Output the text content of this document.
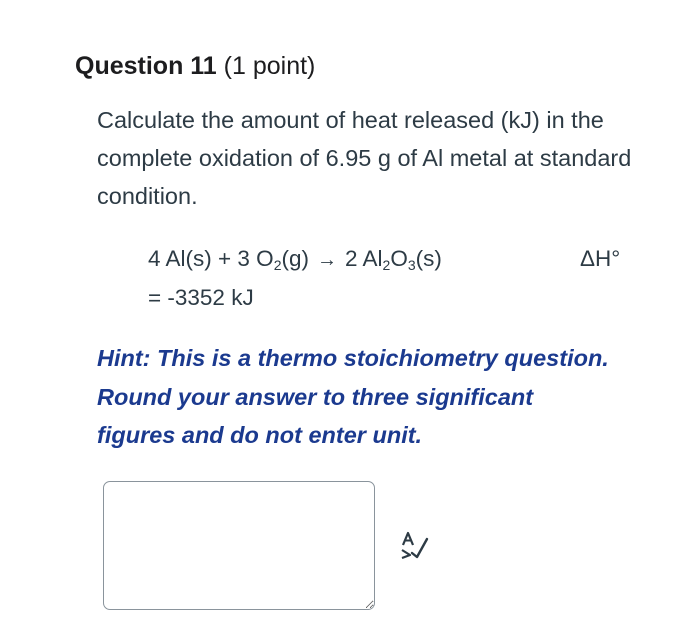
Question 11 (1 point)

Calculate the amount of heat released (kJ) in the complete oxidation of 6.95 g of Al metal at standard condition.

4 Al(s) + 3 $O_2(g) \to 2$ $Al_2O_3(s)$	ΔH°
= -3352 kJ
Hint: This is a thermo stoichiometry question. Round your answer to three significant figures and do not enter unit.
